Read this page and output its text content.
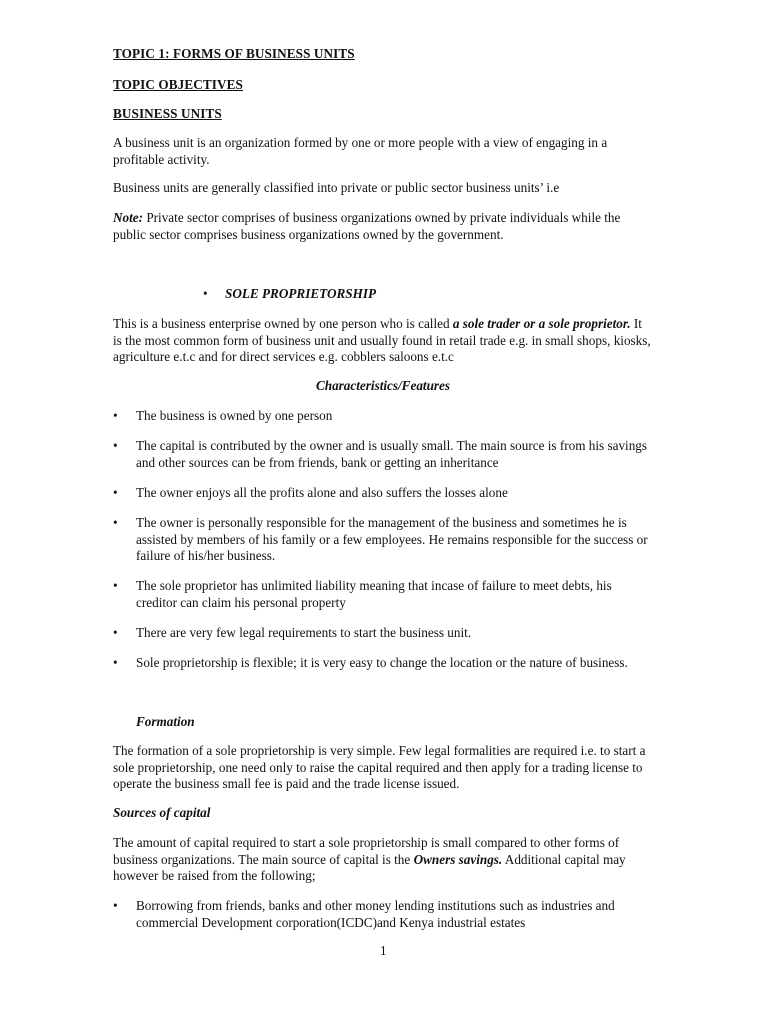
TOPIC 1: FORMS OF BUSINESS UNITS
TOPIC OBJECTIVES
BUSINESS UNITS
A business unit is an organization formed by one or more people with a view of engaging in a profitable activity.
Business units are generally classified into private or public sector business units’ i.e
Note: Private sector comprises of business organizations owned by private individuals while the public sector comprises business organizations owned by the government.
• SOLE PROPRIETORSHIP
This is a business enterprise owned by one person who is called a sole trader or a sole proprietor. It is the most common form of business unit and usually found in retail trade e.g. in small shops, kiosks, agriculture e.t.c and for direct services e.g. cobblers saloons e.t.c
Characteristics/Features
•	The business is owned by one person
•	The capital is contributed by the owner and is usually small. The main source is from his savings and other sources can be from friends, bank or getting an inheritance
•	The owner enjoys all the profits alone and also suffers the losses alone
•	The owner is personally responsible for the management of the business and sometimes he is assisted by members of his family or a few employees. He remains responsible for the success or failure of his/her business.
•	The sole proprietor has unlimited liability meaning that incase of failure to meet debts, his creditor can claim his personal property
•	There are very few legal requirements to start the business unit.
•	Sole proprietorship is flexible; it is very easy to change the location or the nature of business.
Formation
The formation of a sole proprietorship is very simple. Few legal formalities are required i.e. to start a sole proprietorship, one need only to raise the capital required and then apply for a trading license to operate the business small fee is paid and the trade license issued.
Sources of capital
The amount of capital required to start a sole proprietorship is small compared to other forms of business organizations. The main source of capital is the Owners savings. Additional capital may however be raised from the following;
•	Borrowing from friends, banks and other money lending institutions such as industries and commercial Development corporation(ICDC)and Kenya industrial estates
1
